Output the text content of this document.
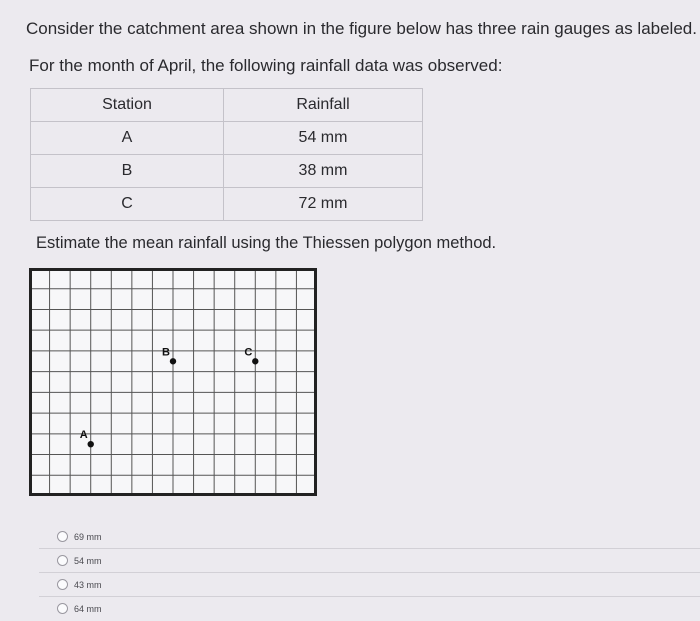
Consider the catchment area shown in the figure below has three rain gauges as labeled.
For the month of April, the following rainfall data was observed:
Station	Rainfall
A	54 mm
B	38 mm
C	72 mm
Estimate the mean rainfall using the Thiessen polygon method.
A
B	C
69 mm
54 mm
43 mm
64 mm
